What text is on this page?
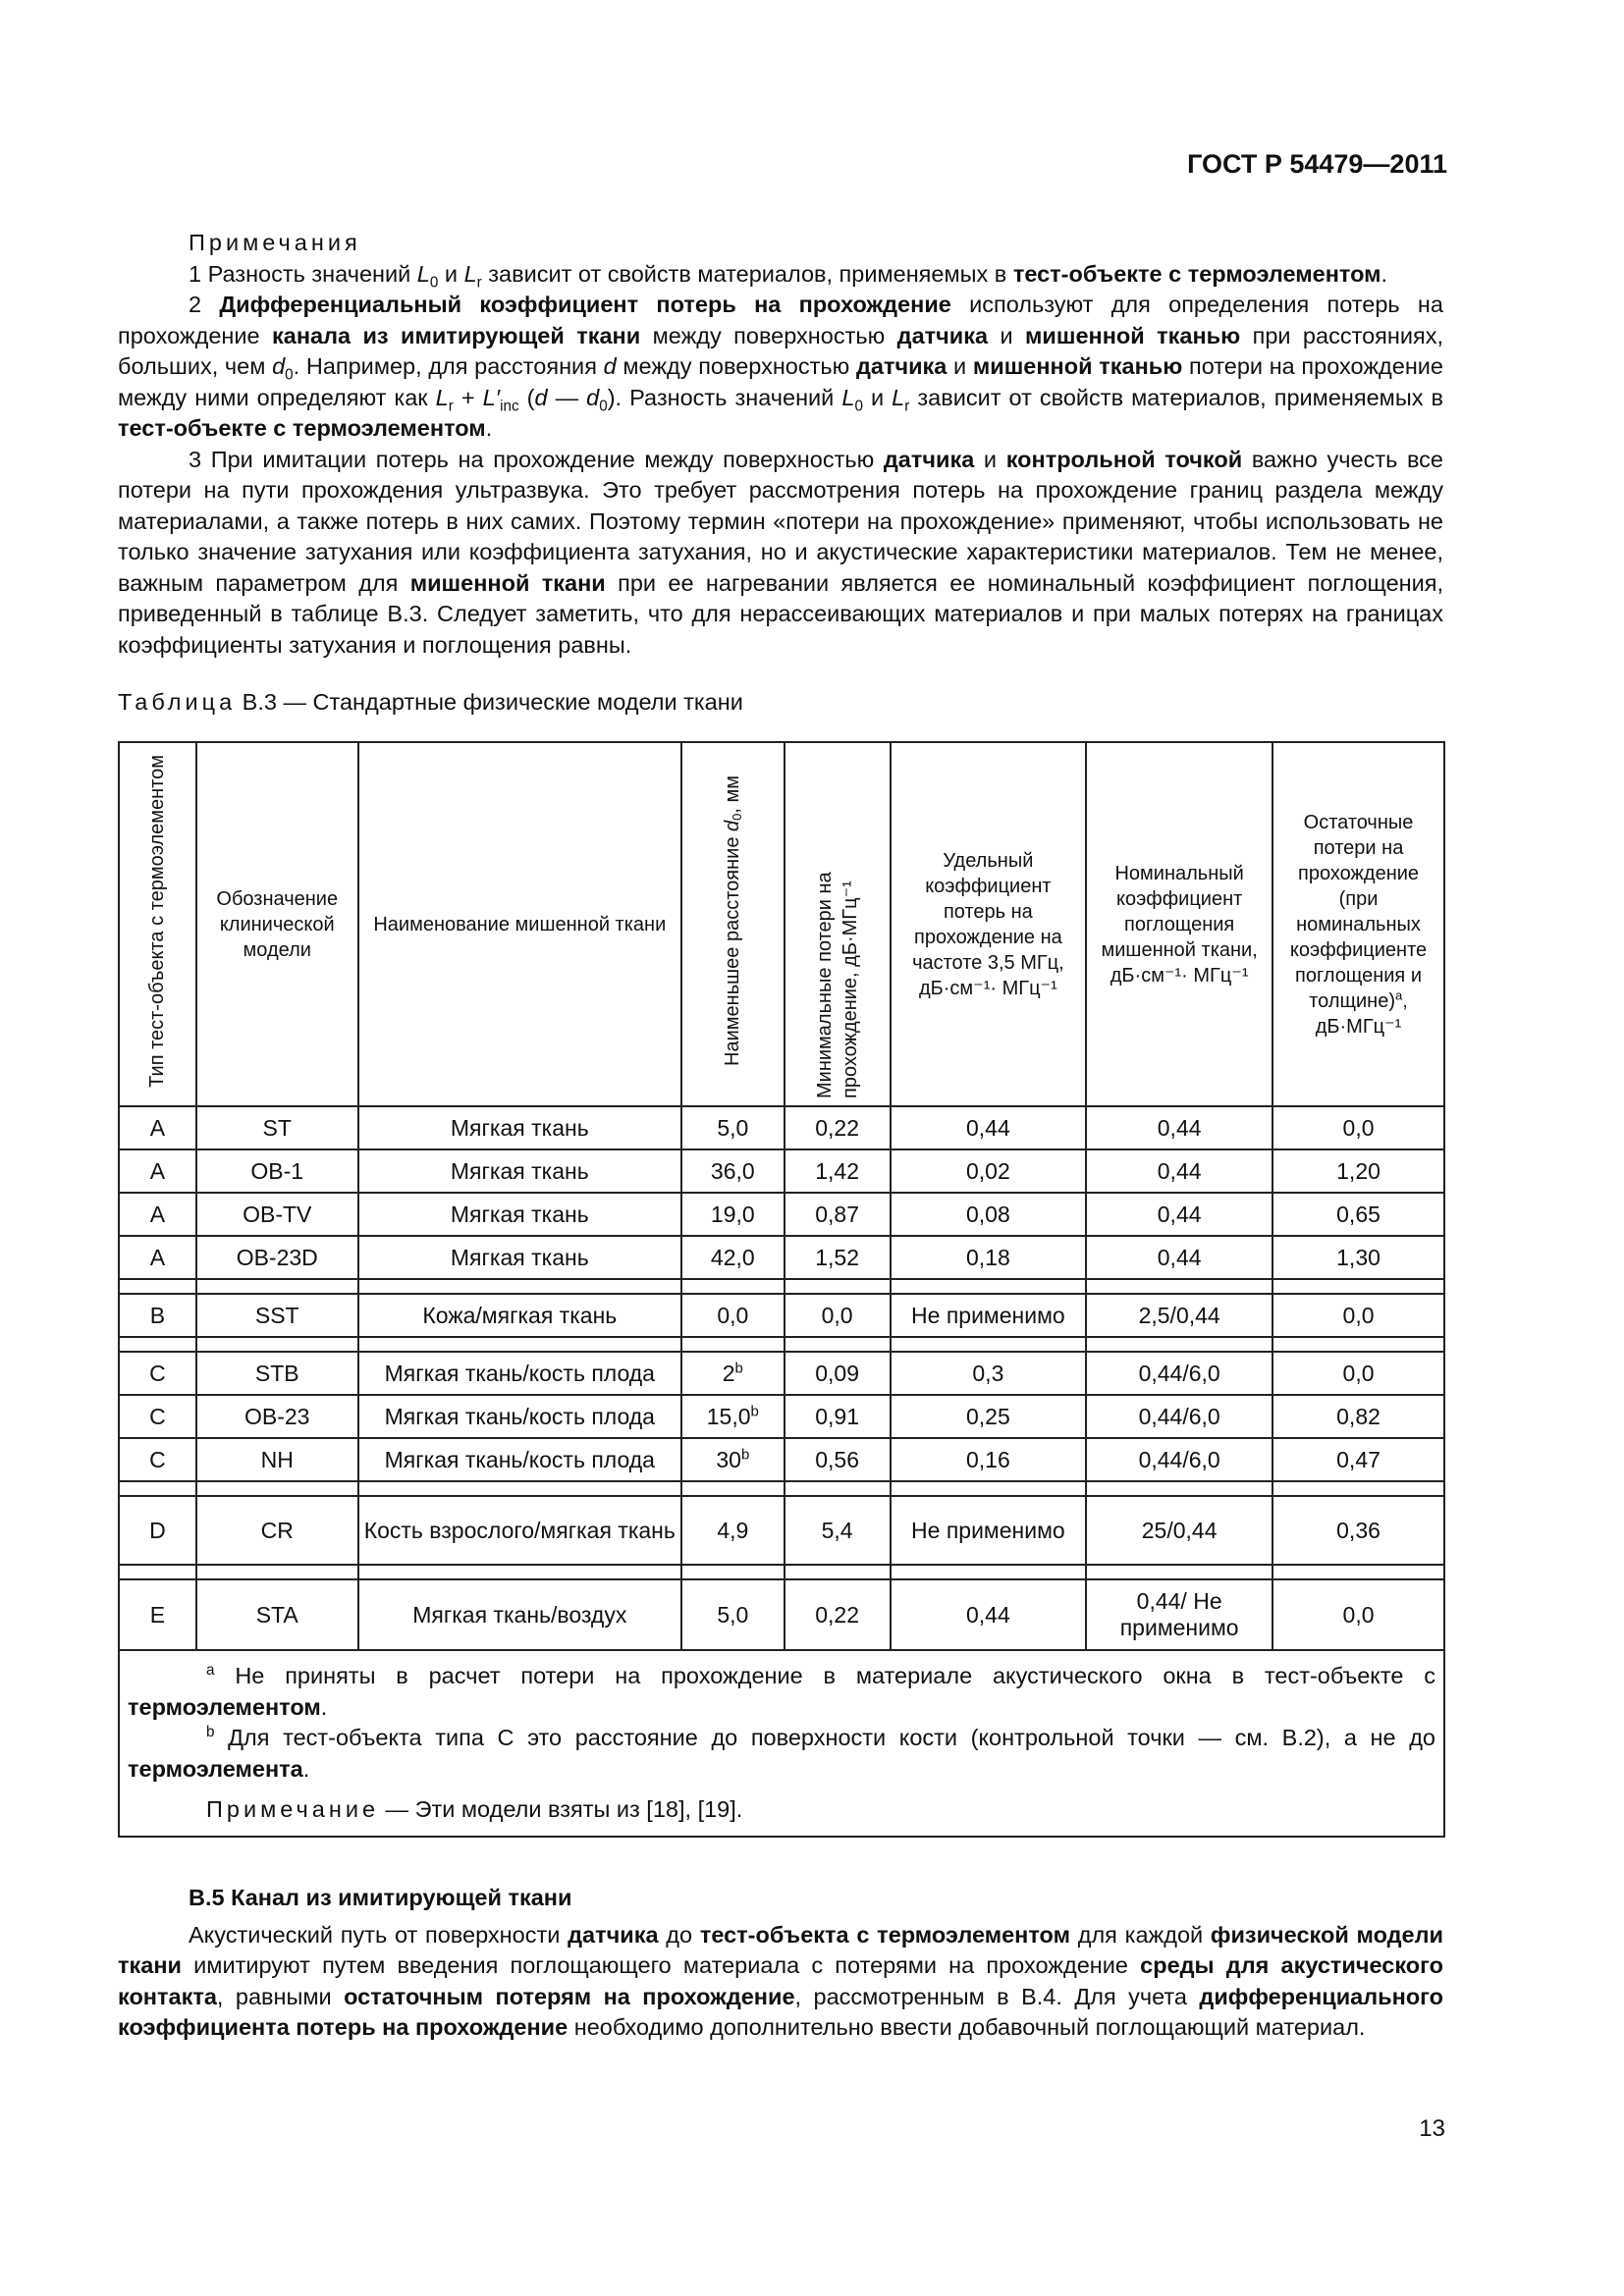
ГОСТ Р 54479—2011

Примечания

1 Разность значений $L_0$ и $L_r$ зависит от свойств материалов, применяемых в тест-объекте с термоэлементом.

2 Дифференциальный коэффициент потерь на прохождение используют для определения потерь на прохождение канала из имитирующей ткани между поверхностью датчика и мишенной тканью при расстояниях, больших, чем $d_0$. Например, для расстояния d между поверхностью датчика и мишенной тканью потери на прохождение между ними определяют как $L_r + L'_{inc}$ (d — $d_0$). Разность значений $L_0$ и $L_r$ зависит от свойств материалов, применяемых в тест-объекте с термоэлементом.

3 При имитации потерь на прохождение между поверхностью датчика и контрольной точкой важно учесть все потери на пути прохождения ультразвука. Это требует рассмотрения потерь на прохождение границ раздела между материалами, а также потерь в них самих. Поэтому термин «потери на прохождение» применяют, чтобы использовать не только значение затухания или коэффициента затухания, но и акустические характеристики материалов. Тем не менее, важным параметром для мишенной ткани при ее нагревании является ее номинальный коэффициент поглощения, приведенный в таблице В.3. Следует заметить, что для нерассеивающих материалов и при малых потерях на границах коэффициенты затухания и поглощения равны.

Таблица В.3 — Стандартные физические модели ткани
Тип тест-объекта с термоэлементом	Обозначение клинической модели	Наименование мишенной ткани	Наименьшее расстояние $d_0$, мм	Минимальные потери на прохождение, дБ·МГц⁻¹	Удельный коэффициент потерь на прохождение на частоте 3,5 МГц, дБ·см⁻¹· МГц⁻¹	Номинальный коэффициент поглощения мишенной ткани, дБ·см⁻¹· МГц⁻¹	Остаточные потери на прохождение (при номинальных коэффициенте поглощения и толщине)$^a$, дБ·МГц⁻¹
A	ST	Мягкая ткань	5,0	0,22	0,44	0,44	0,0
A	OB-1	Мягкая ткань	36,0	1,42	0,02	0,44	1,20
A	OB-TV	Мягкая ткань	19,0	0,87	0,08	0,44	0,65
A	OB-23D	Мягкая ткань	42,0	1,52	0,18	0,44	1,30

B	SST	Кожа/мягкая ткань	0,0	0,0	Не применимо	2,5/0,44	0,0

C	STB	Мягкая ткань/кость плода	2$^b$	0,09	0,3	0,44/6,0	0,0
C	OB-23	Мягкая ткань/кость плода	15,0$^b$	0,91	0,25	0,44/6,0	0,82
C	NH	Мягкая ткань/кость плода	30$^b$	0,56	0,16	0,44/6,0	0,47

D	CR	Кость взрослого/мягкая ткань	4,9	5,4	Не применимо	25/0,44	0,36

E	STA	Мягкая ткань/воздух	5,0	0,22	0,44	0,44/ Не применимо	0,0

$^a$ Не приняты в расчет потери на прохождение в материале акустического окна в тест-объекте с термоэлементом.

$^b$ Для тест-объекта типа С это расстояние до поверхности кости (контрольной точки — см. В.2), а не до термоэлемента.

Примечание — Эти модели взяты из [18], [19].							

В.5 Канал из имитирующей ткани

Акустический путь от поверхности датчика до тест-объекта с термоэлементом для каждой физической модели ткани имитируют путем введения поглощающего материала с потерями на прохождение среды для акустического контакта, равными остаточным потерям на прохождение, рассмотренным в В.4. Для учета дифференциального коэффициента потерь на прохождение необходимо дополнительно ввести добавочный поглощающий материал.

13
